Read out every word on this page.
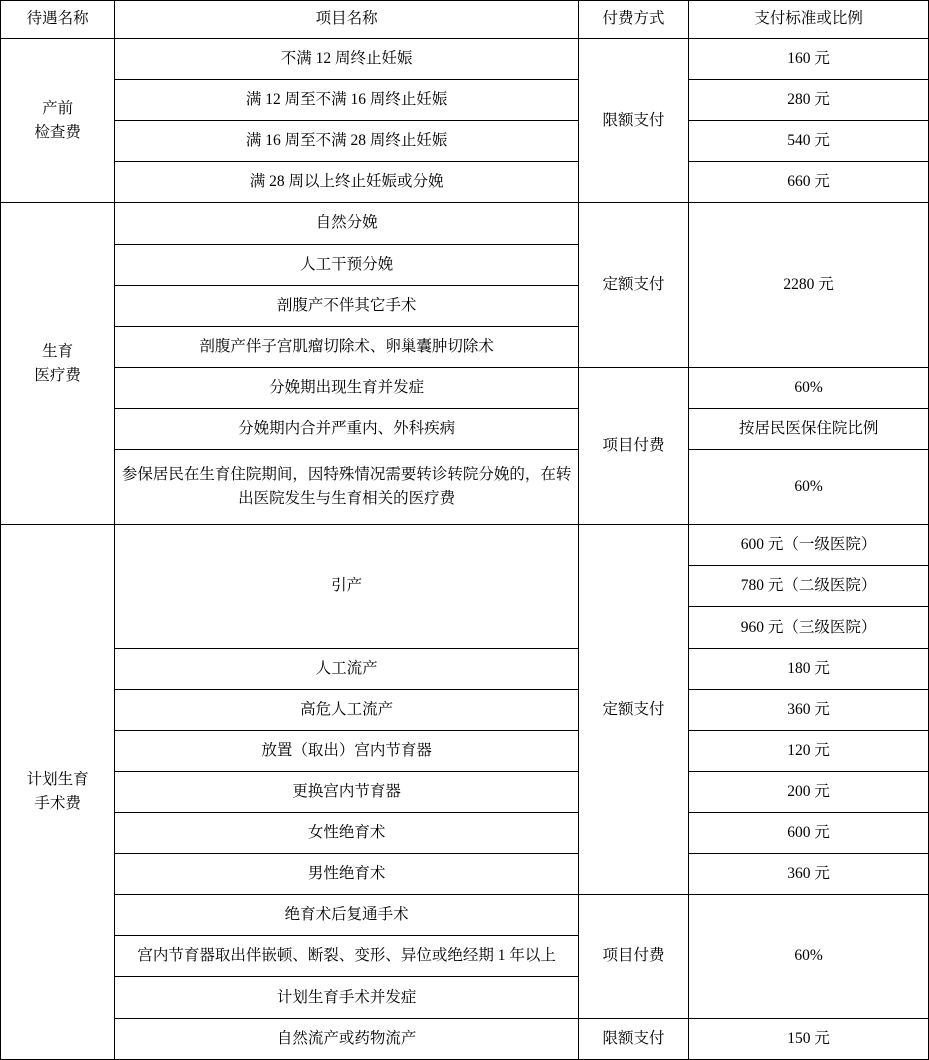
待遇名称	项目名称	付费方式	支付标准或比例

产前
检查费	不满 12 周终止妊娠	限额支付	160 元
	满 12 周至不满 16 周终止妊娠		280 元
	满 16 周至不满 28 周终止妊娠		540 元
	满 28 周以上终止妊娠或分娩		660 元

生育
医疗费	自然分娩	定额支付	2280 元
	人工干预分娩		
	剖腹产不伴其它手术		
	剖腹产伴子宫肌瘤切除术、卵巢囊肿切除术		
	分娩期出现生育并发症	项目付费	60%
	分娩期内合并严重内、外科疾病		按居民医保住院比例
	参保居民在生育住院期间，因特殊情况需要转诊转院分娩的，在转出医院发生与生育相关的医疗费		60%

计划生育
手术费	引产	定额支付	600 元（一级医院）
			780 元（二级医院）
			960 元（三级医院）
	人工流产		180 元
	高危人工流产		360 元
	放置（取出）宫内节育器		120 元
	更换宫内节育器		200 元
	女性绝育术		600 元
	男性绝育术		360 元
	绝育术后复通手术	项目付费	60%
	宫内节育器取出伴嵌顿、断裂、变形、异位或绝经期 1 年以上		
	计划生育手术并发症		
	自然流产或药物流产	限额支付	150 元
